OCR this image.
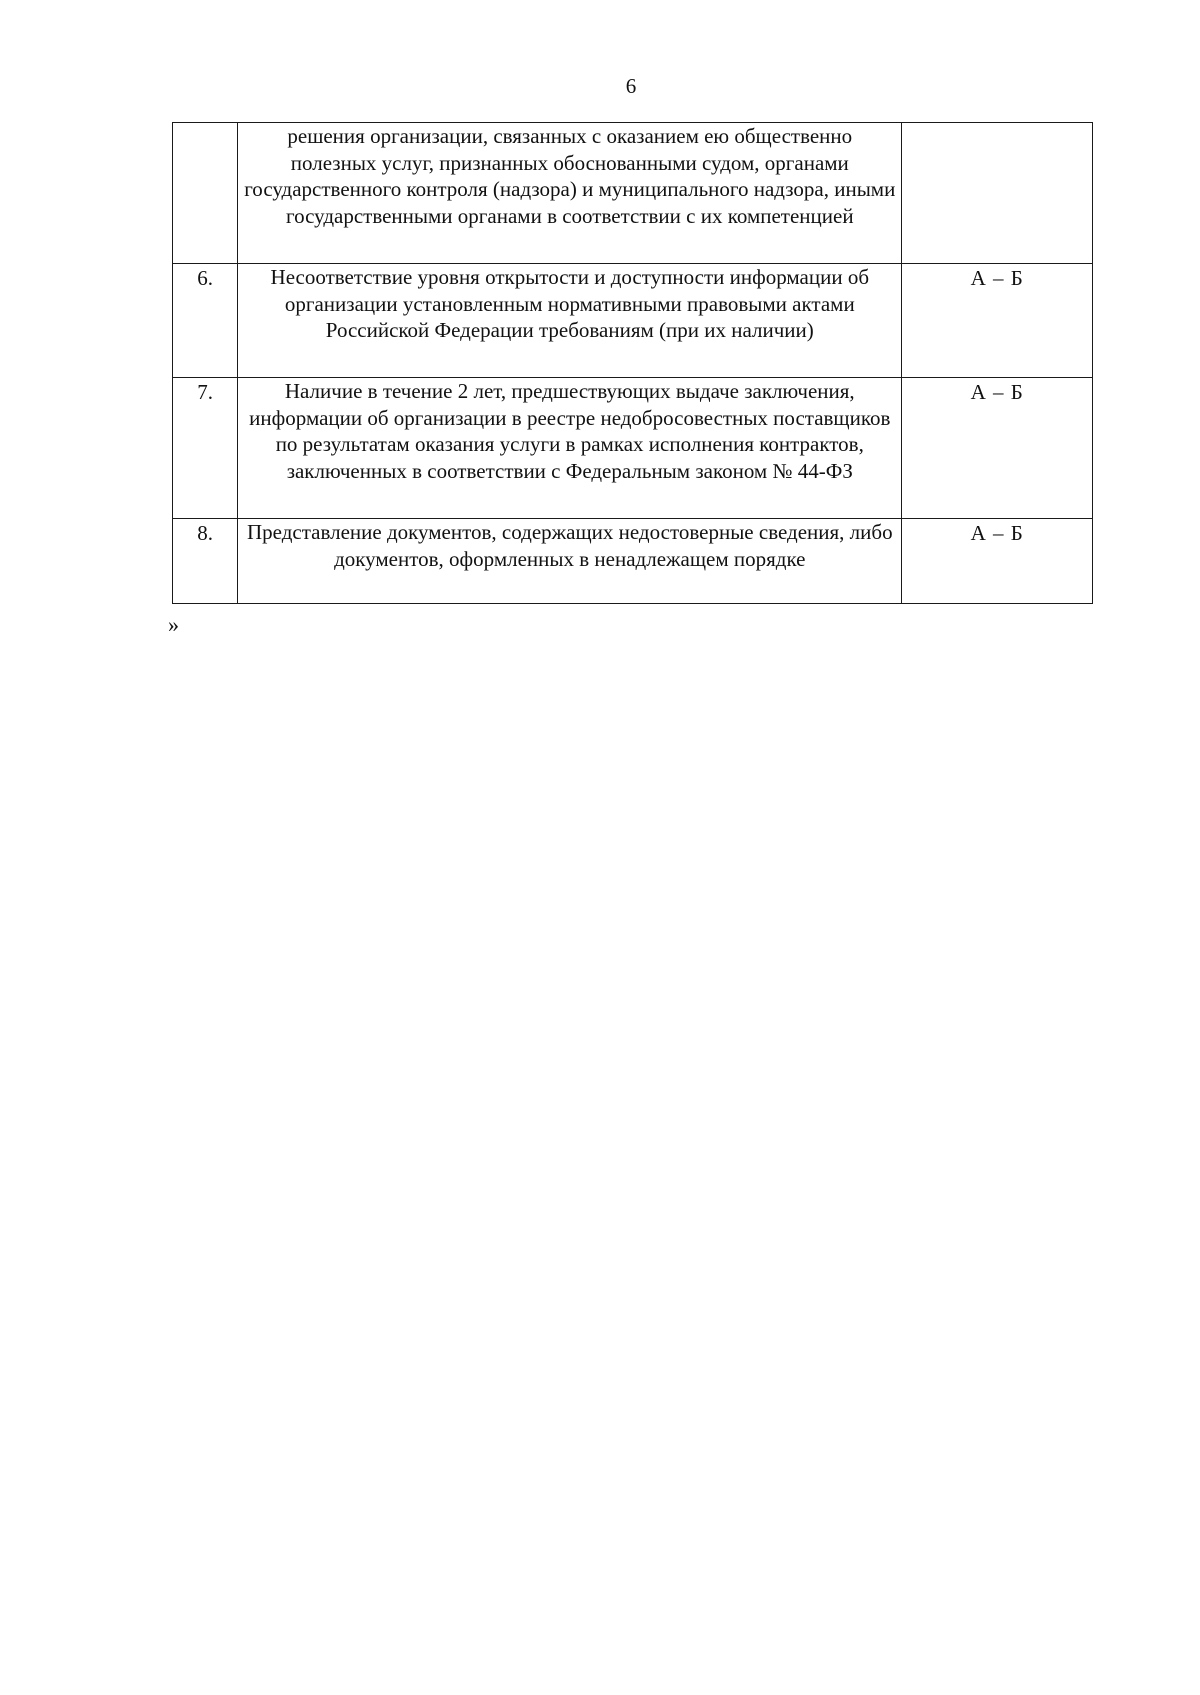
6
	решения организации, связанных с оказанием ею общественно полезных услуг, признанных обоснованными судом, органами государственного контроля (надзора) и муниципального надзора, иными государственными органами в соответствии с их компетенцией	
6.	Несоответствие уровня открытости и доступности информации об организации установленным нормативными правовыми актами Российской Федерации требованиям (при их наличии)	А – Б
7.	Наличие в течение 2 лет, предшествующих выдаче заключения, информации об организации в реестре недобросовестных поставщиков по результатам оказания услуги в рамках исполнения контрактов, заключенных в соответствии с Федеральным законом № 44-ФЗ	А – Б
8.	Представление документов, содержащих недостоверные сведения, либо документов, оформленных в ненадлежащем порядке	А – Б
»
